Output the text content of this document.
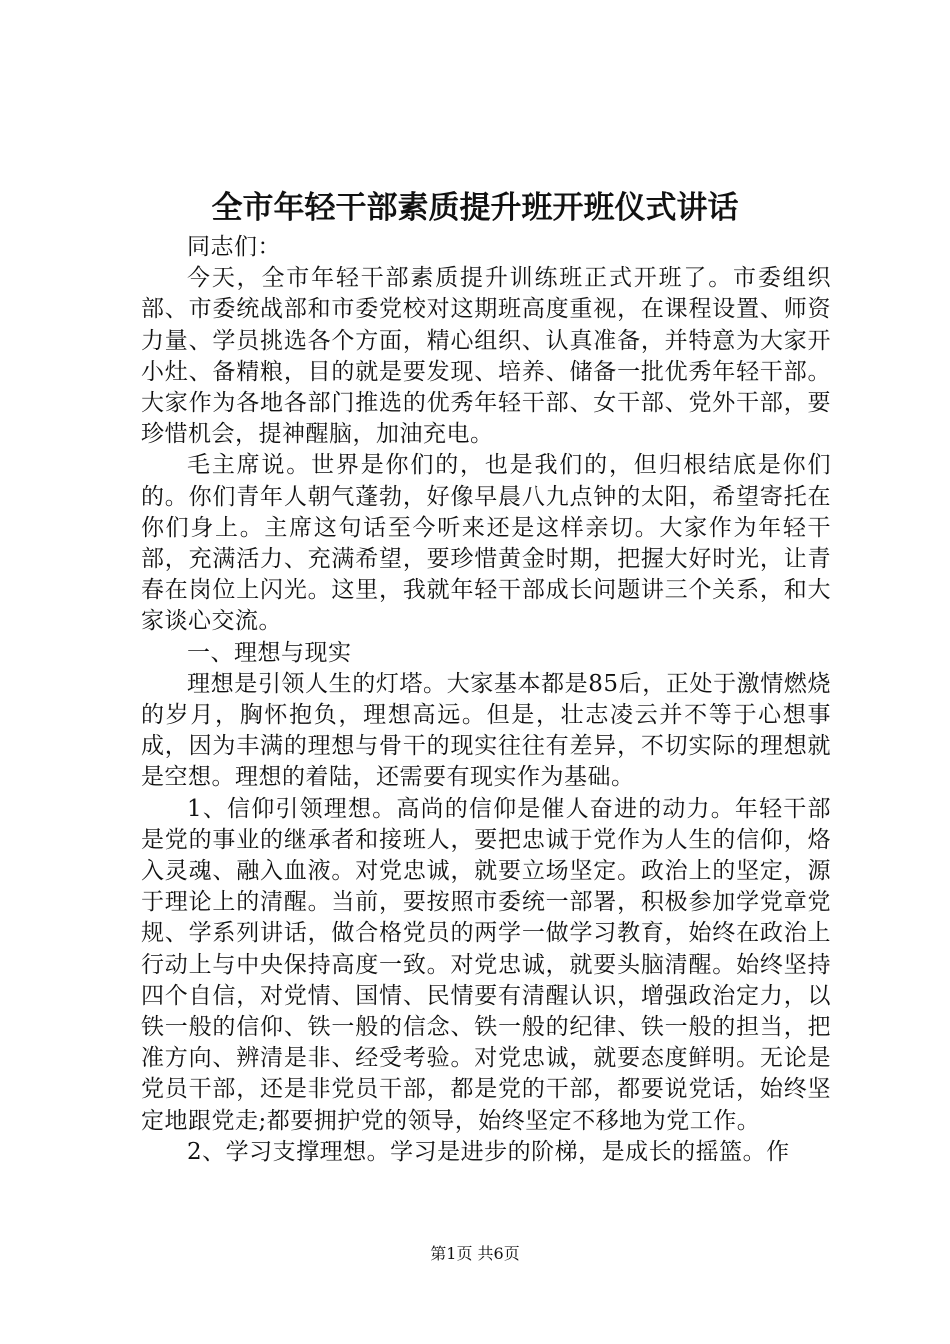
全市年轻干部素质提升班开班仪式讲话

同志们：

今天，全市年轻干部素质提升训练班正式开班了。市委组织部、市委统战部和市委党校对这期班高度重视，在课程设置、师资力量、学员挑选各个方面，精心组织、认真准备，并特意为大家开小灶、备精粮，目的就是要发现、培养、储备一批优秀年轻干部。大家作为各地各部门推选的优秀年轻干部、女干部、党外干部，要珍惜机会，提神醒脑，加油充电。

毛主席说。世界是你们的，也是我们的，但归根结底是你们的。你们青年人朝气蓬勃，好像早晨八九点钟的太阳，希望寄托在你们身上。主席这句话至今听来还是这样亲切。大家作为年轻干部，充满活力、充满希望，要珍惜黄金时期，把握大好时光，让青春在岗位上闪光。这里，我就年轻干部成长问题讲三个关系，和大家谈心交流。

一、理想与现实

理想是引领人生的灯塔。大家基本都是85后，正处于激情燃烧的岁月，胸怀抱负，理想高远。但是，壮志凌云并不等于心想事成，因为丰满的理想与骨干的现实往往有差异，不切实际的理想就是空想。理想的着陆，还需要有现实作为基础。

1、信仰引领理想。高尚的信仰是催人奋进的动力。年轻干部是党的事业的继承者和接班人，要把忠诚于党作为人生的信仰，烙入灵魂、融入血液。对党忠诚，就要立场坚定。政治上的坚定，源于理论上的清醒。当前，要按照市委统一部署，积极参加学党章党规、学系列讲话，做合格党员的两学一做学习教育，始终在政治上行动上与中央保持高度一致。对党忠诚，就要头脑清醒。始终坚持四个自信，对党情、国情、民情要有清醒认识，增强政治定力，以铁一般的信仰、铁一般的信念、铁一般的纪律、铁一般的担当，把准方向、辨清是非、经受考验。对党忠诚，就要态度鲜明。无论是党员干部，还是非党员干部，都是党的干部，都要说党话，始终坚定地跟党走;都要拥护党的领导，始终坚定不移地为党工作。

2、学习支撑理想。学习是进步的阶梯，是成长的摇篮。作

第1页 共6页
